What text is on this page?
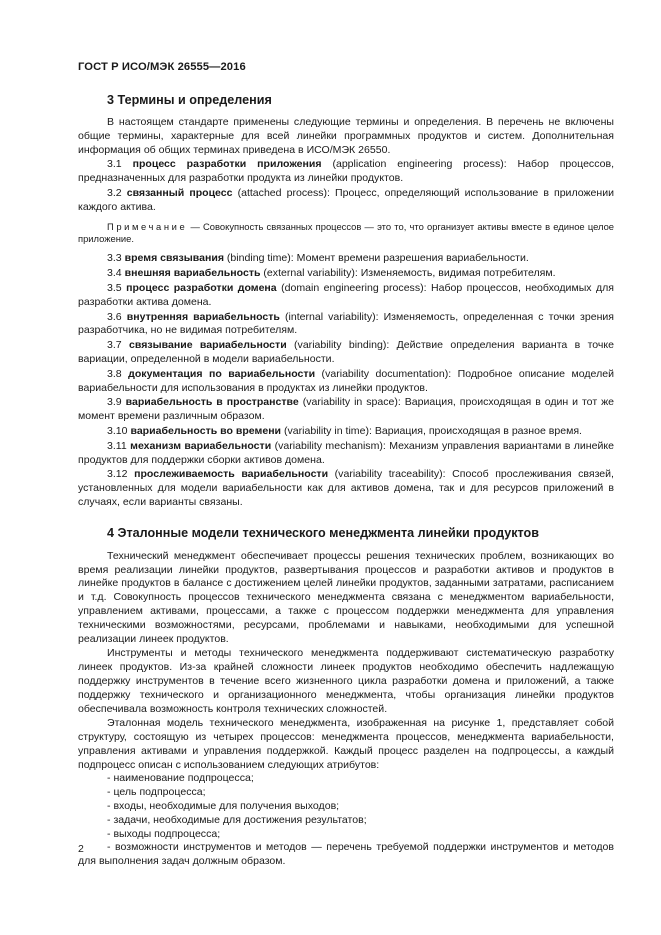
ГОСТ Р ИСО/МЭК 26555—2016
3 Термины и определения

В настоящем стандарте применены следующие термины и определения. В перечень не включены общие термины, характерные для всей линейки программных продуктов и систем. Дополнительная информация об общих терминах приведена в ИСО/МЭК 26550.

3.1 процесс разработки приложения (application engineering process): Набор процессов, предназначенных для разработки продукта из линейки продуктов.

3.2 связанный процесс (attached process): Процесс, определяющий использование в приложении каждого актива.

Примечание — Совокупность связанных процессов — это то, что организует активы вместе в единое целое приложение.

3.3 время связывания (binding time): Момент времени разрешения вариабельности.

3.4 внешняя вариабельность (external variability): Изменяемость, видимая потребителям.

3.5 процесс разработки домена (domain engineering process): Набор процессов, необходимых для разработки актива домена.

3.6 внутренняя вариабельность (internal variability): Изменяемость, определенная с точки зрения разработчика, но не видимая потребителям.

3.7 связывание вариабельности (variability binding): Действие определения варианта в точке вариации, определенной в модели вариабельности.

3.8 документация по вариабельности (variability documentation): Подробное описание моделей вариабельности для использования в продуктах из линейки продуктов.

3.9 вариабельность в пространстве (variability in space): Вариация, происходящая в один и тот же момент времени различным образом.

3.10 вариабельность во времени (variability in time): Вариация, происходящая в разное время.

3.11 механизм вариабельности (variability mechanism): Механизм управления вариантами в линейке продуктов для поддержки сборки активов домена.

3.12 прослеживаемость вариабельности (variability traceability): Способ прослеживания связей, установленных для модели вариабельности как для активов домена, так и для ресурсов приложений в случаях, если варианты связаны.

4 Эталонные модели технического менеджмента линейки продуктов

Технический менеджмент обеспечивает процессы решения технических проблем, возникающих во время реализации линейки продуктов, развертывания процессов и разработки активов и продуктов в линейке продуктов в балансе с достижением целей линейки продуктов, заданными затратами, расписанием и т.д. Совокупность процессов технического менеджмента связана с менеджментом вариабельности, управлением активами, процессами, а также с процессом поддержки менеджмента для управления техническими возможностями, ресурсами, проблемами и навыками, необходимыми для успешной реализации линеек продуктов.

Инструменты и методы технического менеджмента поддерживают систематическую разработку линеек продуктов. Из-за крайней сложности линеек продуктов необходимо обеспечить надлежащую поддержку инструментов в течение всего жизненного цикла разработки домена и приложений, а также поддержку технического и организационного менеджмента, чтобы организация линейки продуктов обеспечивала возможность контроля технических сложностей.

Эталонная модель технического менеджмента, изображенная на рисунке 1, представляет собой структуру, состоящую из четырех процессов: менеджмента процессов, менеджмента вариабельности, управления активами и управления поддержкой. Каждый процесс разделен на подпроцессы, а каждый подпроцесс описан с использованием следующих атрибутов:

- наименование подпроцесса;
- цель подпроцесса;
- входы, необходимые для получения выходов;
- задачи, необходимые для достижения результатов;
- выходы подпроцесса;
- возможности инструментов и методов — перечень требуемой поддержки инструментов и методов для выполнения задач должным образом.
2
